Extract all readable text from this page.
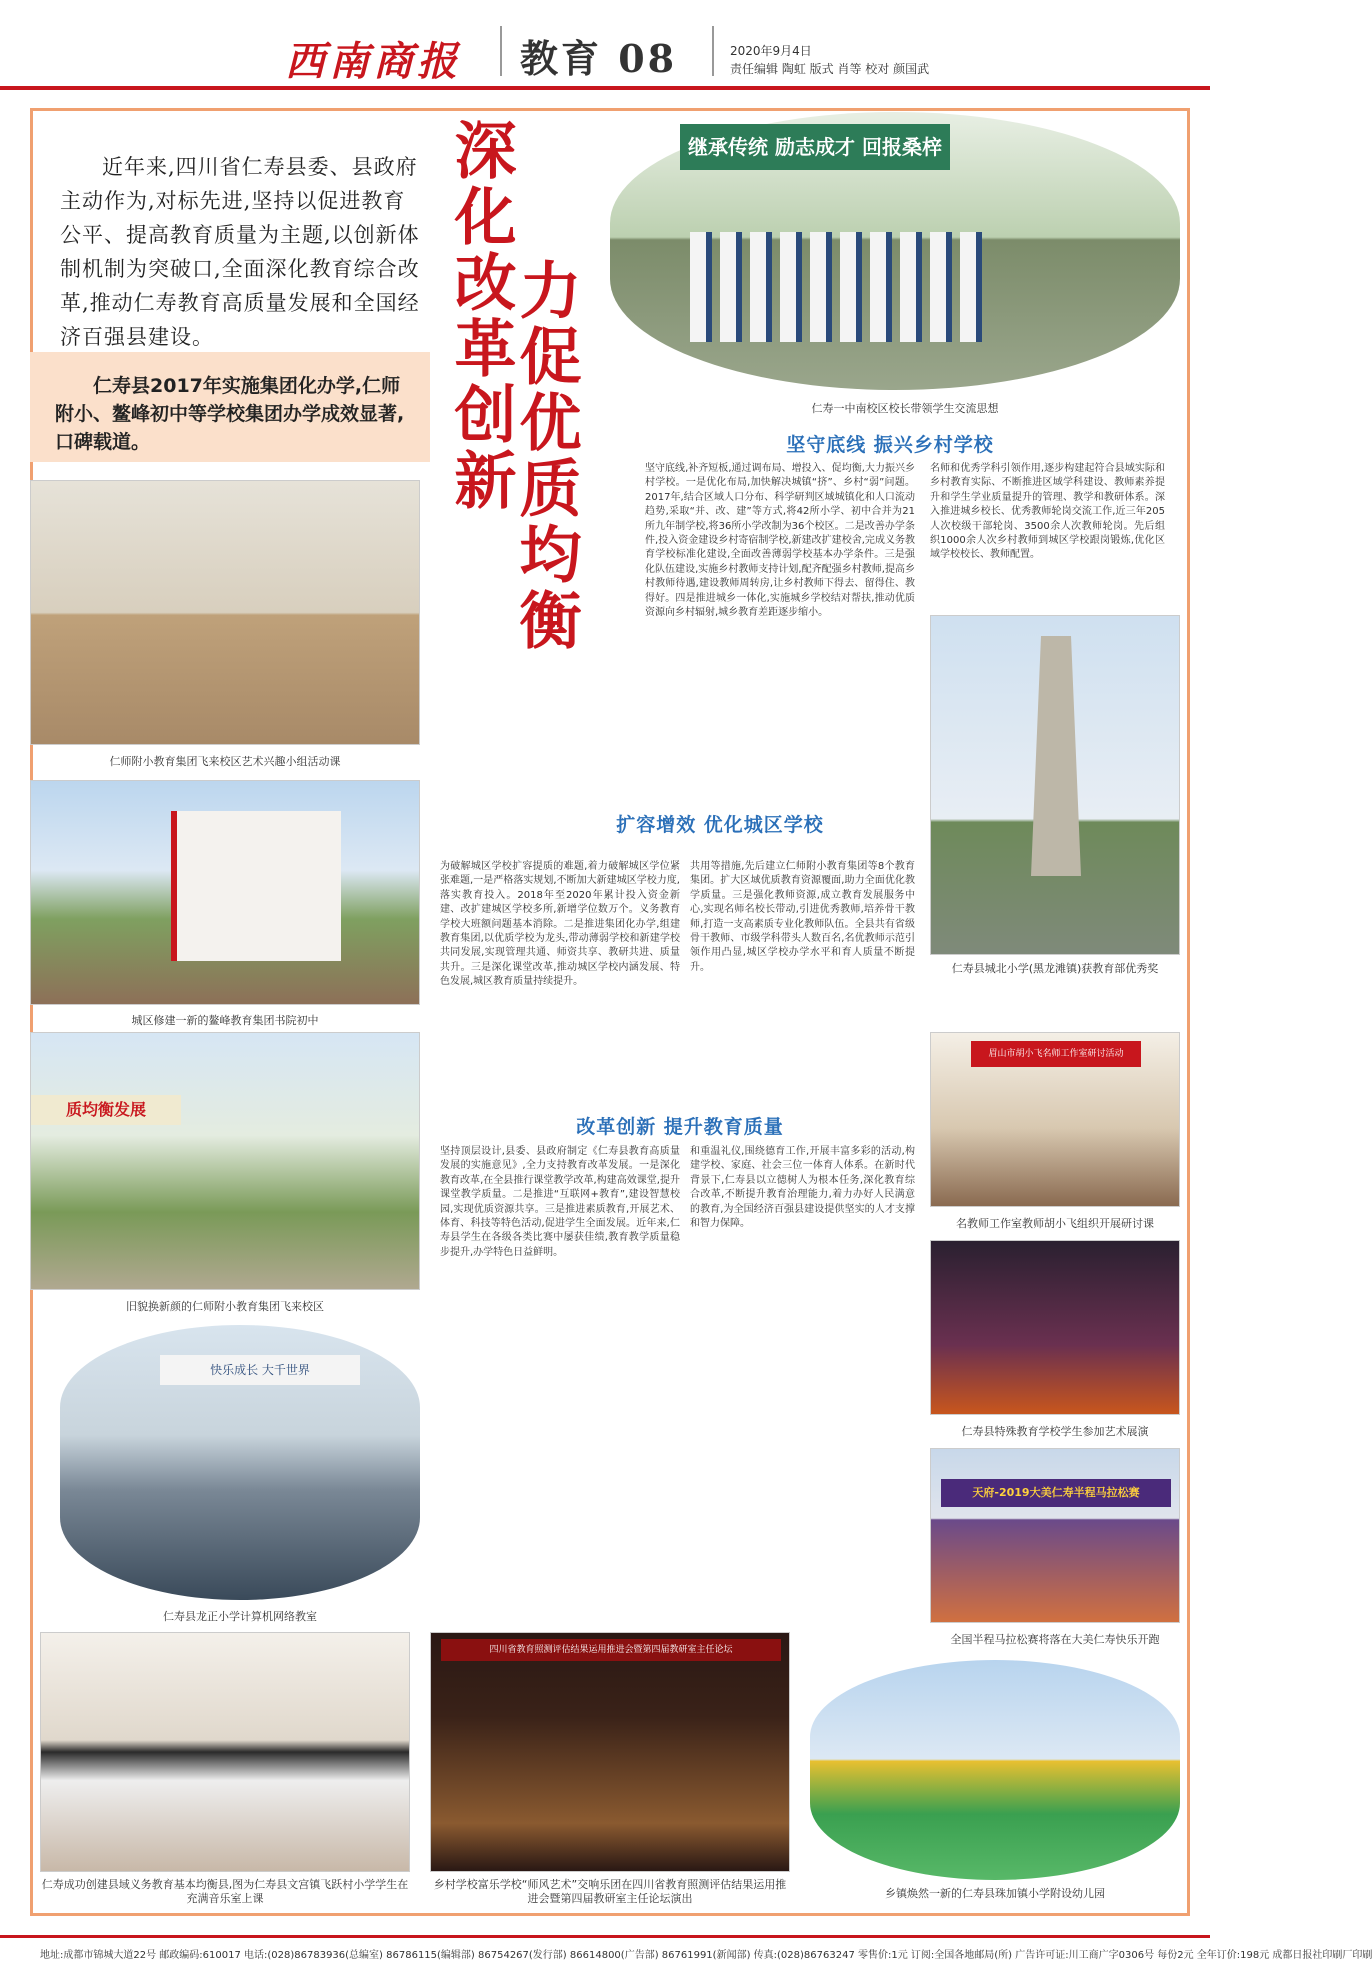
西南商报 教育 08	2020年9月4日
责任编辑 陶虹 版式 肖等 校对 颜国武
近年来,四川省仁寿县委、县政府主动作为,对标先进,坚持以促进教育公平、提高教育质量为主题,以创新体制机制为突破口,全面深化教育综合改革,推动仁寿教育高质量发展和全国经济百强县建设。
仁寿县2017年实施集团化办学,仁师附小、鳌峰初中等学校集团办学成效显著,口碑载道。	深化改革创新
力促优质均衡
继承传统 励志成才 回报桑梓
仁寿一中南校区校长带领学生交流思想
坚守底线 振兴乡村学校
坚守底线,补齐短板,通过调布局、增投入、促均衡,大力振兴乡村学校。一是优化布局,加快解决城镇“挤”、乡村“弱”问题。2017年,结合区域人口分布、科学研判区域城镇化和人口流动趋势,采取“并、改、建”等方式,将42所小学、初中合并为21所九年制学校,将36所小学改制为36个校区。二是改善办学条件,投入资金建设乡村寄宿制学校,新建改扩建校舍,完成义务教育学校标准化建设,全面改善薄弱学校基本办学条件。三是强化队伍建设,实施乡村教师支持计划,配齐配强乡村教师,提高乡村教师待遇,建设教师周转房,让乡村教师下得去、留得住、教得好。四是推进城乡一体化,实施城乡学校结对帮扶,推动优质资源向乡村辐射,城乡教育差距逐步缩小。
名师和优秀学科引领作用,逐步构建起符合县域实际和乡村教育实际、不断推进区域学科建设、教师素养提升和学生学业质量提升的管理、教学和教研体系。深入推进城乡校长、优秀教师轮岗交流工作,近三年205人次校级干部轮岗、3500余人次教师轮岗。先后组织1000余人次乡村教师到城区学校跟岗锻炼,优化区域学校校长、教师配置。
仁寿县城北小学(黑龙滩镇)获教育部优秀奖
仁师附小教育集团飞来校区艺术兴趣小组活动课
城区修建一新的鳌峰教育集团书院初中
质均衡发展
旧貌换新颜的仁师附小教育集团飞来校区
扩容增效 优化城区学校
为破解城区学校扩容提质的难题,着力破解城区学位紧张难题,一是严格落实规划,不断加大新建城区学校力度,落实教育投入。2018年至2020年累计投入资金新建、改扩建城区学校多所,新增学位数万个。义务教育学校大班额问题基本消除。二是推进集团化办学,组建教育集团,以优质学校为龙头,带动薄弱学校和新建学校共同发展,实现管理共通、师资共享、教研共进、质量共升。三是深化课堂改革,推动城区学校内涵发展、特色发展,城区教育质量持续提升。
共用等措施,先后建立仁师附小教育集团等8个教育集团。扩大区域优质教育资源覆面,助力全面优化教学质量。三是强化教师资源,成立教育发展服务中心,实现名师名校长带动,引进优秀教师,培养骨干教师,打造一支高素质专业化教师队伍。全县共有省级骨干教师、市级学科带头人数百名,名优教师示范引领作用凸显,城区学校办学水平和育人质量不断提升。
眉山市胡小飞名师工作室研讨活动
名教师工作室教师胡小飞组织开展研讨课
仁寿县特殊教育学校学生参加艺术展演
天府-2019大美仁寿半程马拉松赛
全国半程马拉松赛将落在大美仁寿快乐开跑
改革创新 提升教育质量
坚持顶层设计,县委、县政府制定《仁寿县教育高质量发展的实施意见》,全力支持教育改革发展。一是深化教育改革,在全县推行课堂教学改革,构建高效课堂,提升课堂教学质量。二是推进“互联网+教育”,建设智慧校园,实现优质资源共享。三是推进素质教育,开展艺术、体育、科技等特色活动,促进学生全面发展。近年来,仁寿县学生在各级各类比赛中屡获佳绩,教育教学质量稳步提升,办学特色日益鲜明。
和重温礼仪,围绕德育工作,开展丰富多彩的活动,构建学校、家庭、社会三位一体育人体系。在新时代背景下,仁寿县以立德树人为根本任务,深化教育综合改革,不断提升教育治理能力,着力办好人民满意的教育,为全国经济百强县建设提供坚实的人才支撑和智力保障。
快乐成长 大千世界
仁寿县龙正小学计算机网络教室
仁寿成功创建县域义务教育基本均衡县,图为仁寿县文宫镇飞跃村小学学生在充满音乐室上课
四川省教育照测评估结果运用推进会暨第四届教研室主任论坛
乡村学校富乐学校“师风艺术”交响乐团在四川省教育照测评估结果运用推进会暨第四届教研室主任论坛演出	乡镇焕然一新的仁寿县珠加镇小学附设幼儿园
地址:成都市锦城大道22号 邮政编码:610017 电话:(028)86783936(总编室) 86786115(编辑部) 86754267(发行部) 86614800(广告部) 86761991(新闻部) 传真:(028)86763247 零售价:1元 订阅:全国各地邮局(所) 广告许可证:川工商广字0306号 每份2元 全年订价:198元 成都日报社印刷厂印刷
